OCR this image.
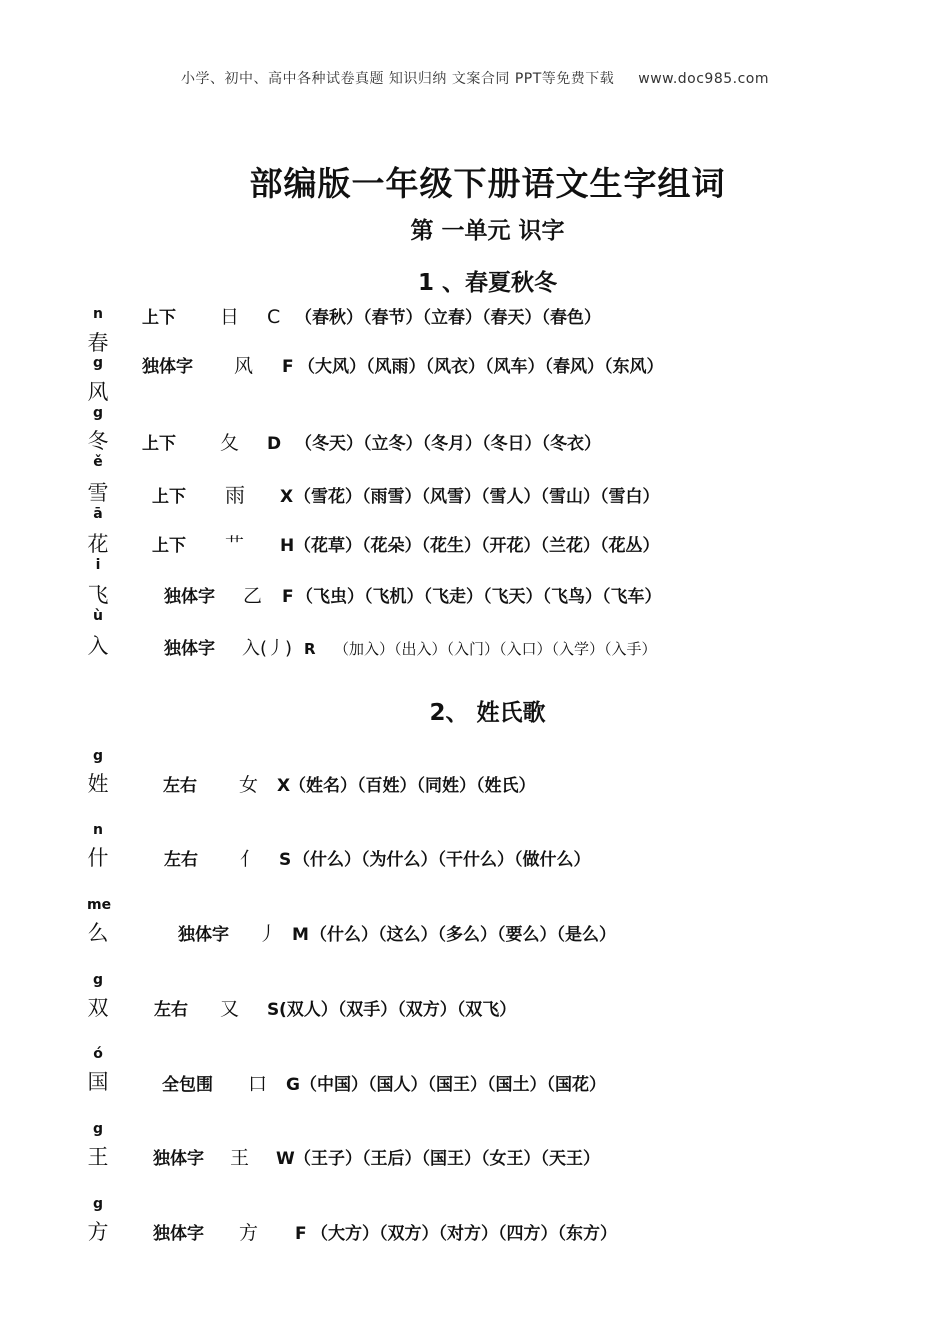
小学、初中、高中各种试卷真题 知识归纳 文案合同 PPT等免费下载 www.doc985.com
部编版一年级下册语文生字组词
第 一单元 识字
1 、春夏秋冬
n
春
g
风
g
冬
ě
雪
ā
花
i
飞
ù
入
上下 日 C （春秋）（春节）（立春）（春天）（春色）
独体字 风 F （大风）（风雨）（风衣）（风车）（春风）（东风）
上下 夂 D （冬天）（立冬）（冬月）（冬日）（冬衣）
上下 雨 X（雪花）（雨雪）（风雪）（雪人）（雪山）（雪白）
上下 艹 H（花草）（花朵）（花生）（开花）（兰花）（花丛）
独体字 乙 F （飞虫）（飞机）（飞走）（飞天）（飞鸟）（飞车）
独体字 入(丿) R （加入）（出入）（入门）（入口）（入学）（入手）
2、 姓氏歌
g
姓
n
什
me
么
g
双
ó
国
g
王
g
方
左右 女 X（姓名）（百姓）（同姓）（姓氏）
左右 亻 S （什么）（为什么）（干什么）（做什么）
独体字 丿 M（什么）（这么）（多么）（要么）（是么）
左右 又 S(双人）（双手）（双方）（双飞）
全包围 口 G（中国）（国人）（国王）（国土）（国花）
独体字 王 W（王子）（王后）（国王）（女王）（天王）
独体字 方 F （大方）（双方）（对方）（四方）（东方）
